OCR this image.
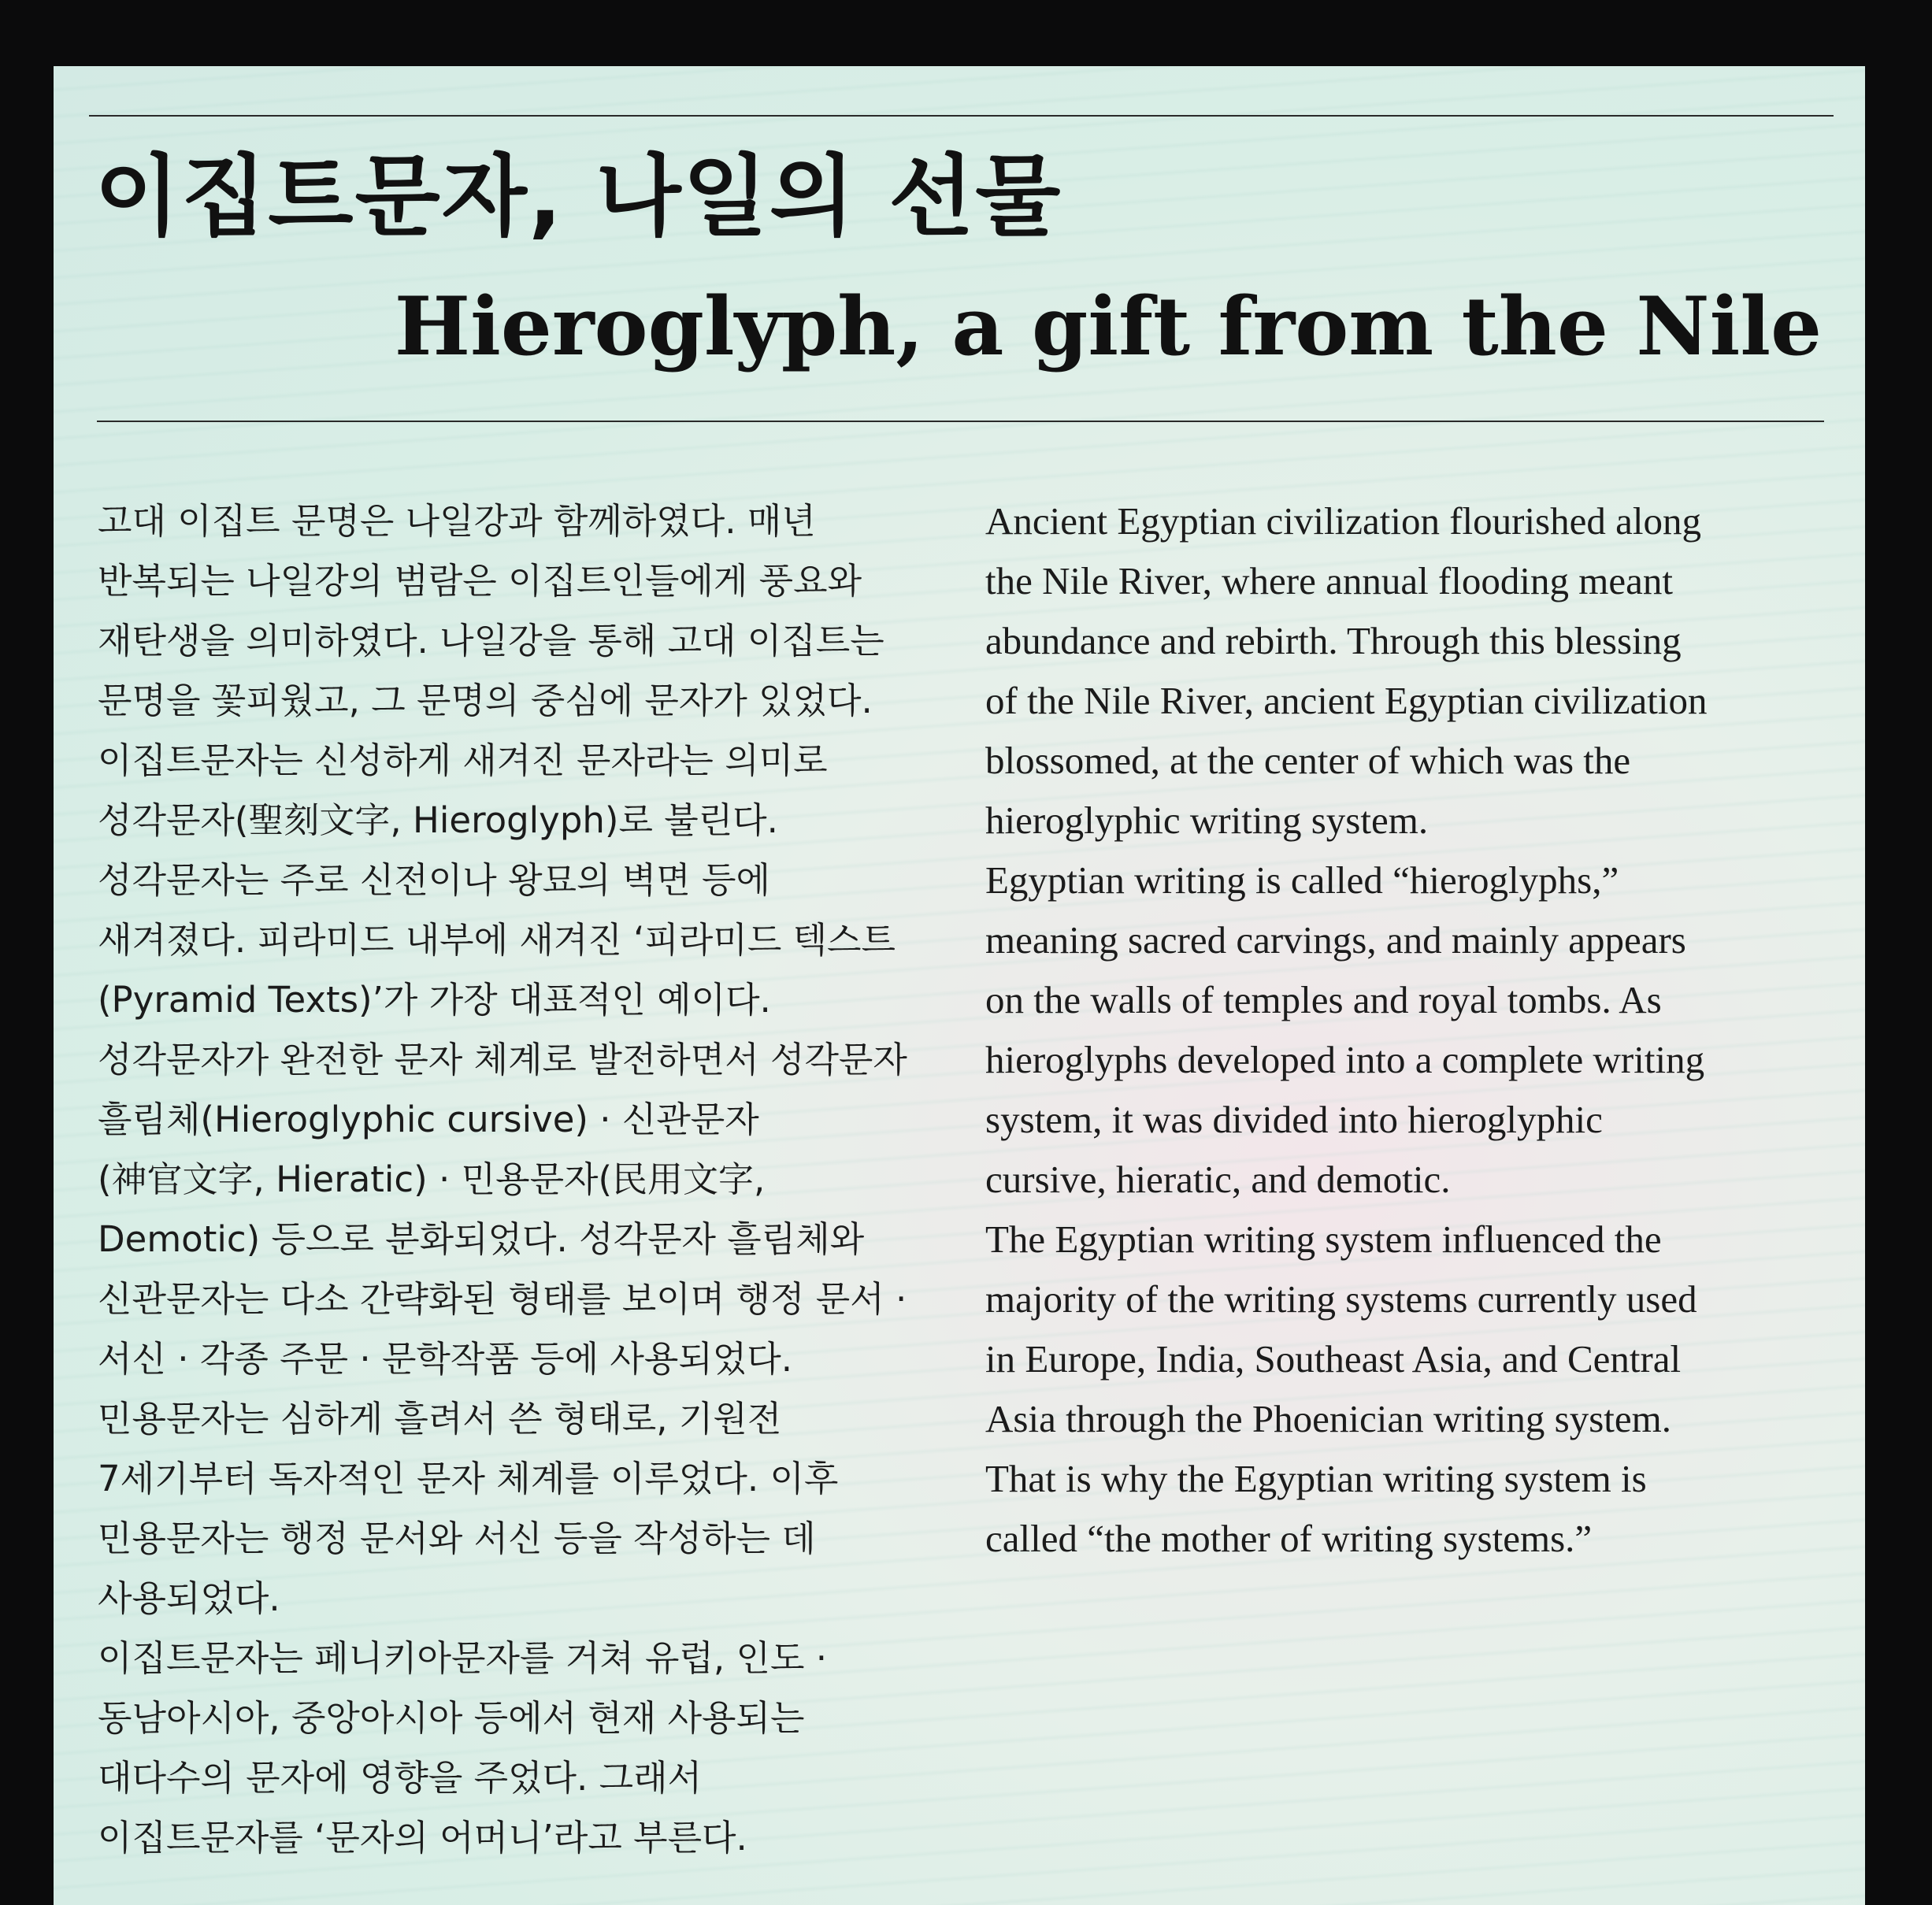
이집트문자, 나일의 선물
Hieroglyph, a gift from the Nile
고대 이집트 문명은 나일강과 함께하였다. 매년
반복되는 나일강의 범람은 이집트인들에게 풍요와
재탄생을 의미하였다. 나일강을 통해 고대 이집트는
문명을 꽃피웠고, 그 문명의 중심에 문자가 있었다.
이집트문자는 신성하게 새겨진 문자라는 의미로
성각문자(聖刻文字, Hieroglyph)로 불린다.
성각문자는 주로 신전이나 왕묘의 벽면 등에
새겨졌다. 피라미드 내부에 새겨진 ‘피라미드 텍스트
(Pyramid Texts)’가 가장 대표적인 예이다.
성각문자가 완전한 문자 체계로 발전하면서 성각문자
흘림체(Hieroglyphic cursive) · 신관문자
(神官文字, Hieratic) · 민용문자(民用文字,
Demotic) 등으로 분화되었다. 성각문자 흘림체와
신관문자는 다소 간략화된 형태를 보이며 행정 문서 ·
서신 · 각종 주문 · 문학작품 등에 사용되었다.
민용문자는 심하게 흘려서 쓴 형태로, 기원전
7세기부터 독자적인 문자 체계를 이루었다. 이후
민용문자는 행정 문서와 서신 등을 작성하는 데
사용되었다.
이집트문자는 페니키아문자를 거쳐 유럽, 인도 ·
동남아시아, 중앙아시아 등에서 현재 사용되는
대다수의 문자에 영향을 주었다. 그래서
이집트문자를 ‘문자의 어머니’라고 부른다.
Ancient Egyptian civilization flourished along
the Nile River, where annual flooding meant
abundance and rebirth. Through this blessing
of the Nile River, ancient Egyptian civilization
blossomed, at the center of which was the
hieroglyphic writing system.
Egyptian writing is called “hieroglyphs,”
meaning sacred carvings, and mainly appears
on the walls of temples and royal tombs. As
hieroglyphs developed into a complete writing
system, it was divided into hieroglyphic
cursive, hieratic, and demotic.
The Egyptian writing system influenced the
majority of the writing systems currently used
in Europe, India, Southeast Asia, and Central
Asia through the Phoenician writing system.
That is why the Egyptian writing system is
called “the mother of writing systems.”
